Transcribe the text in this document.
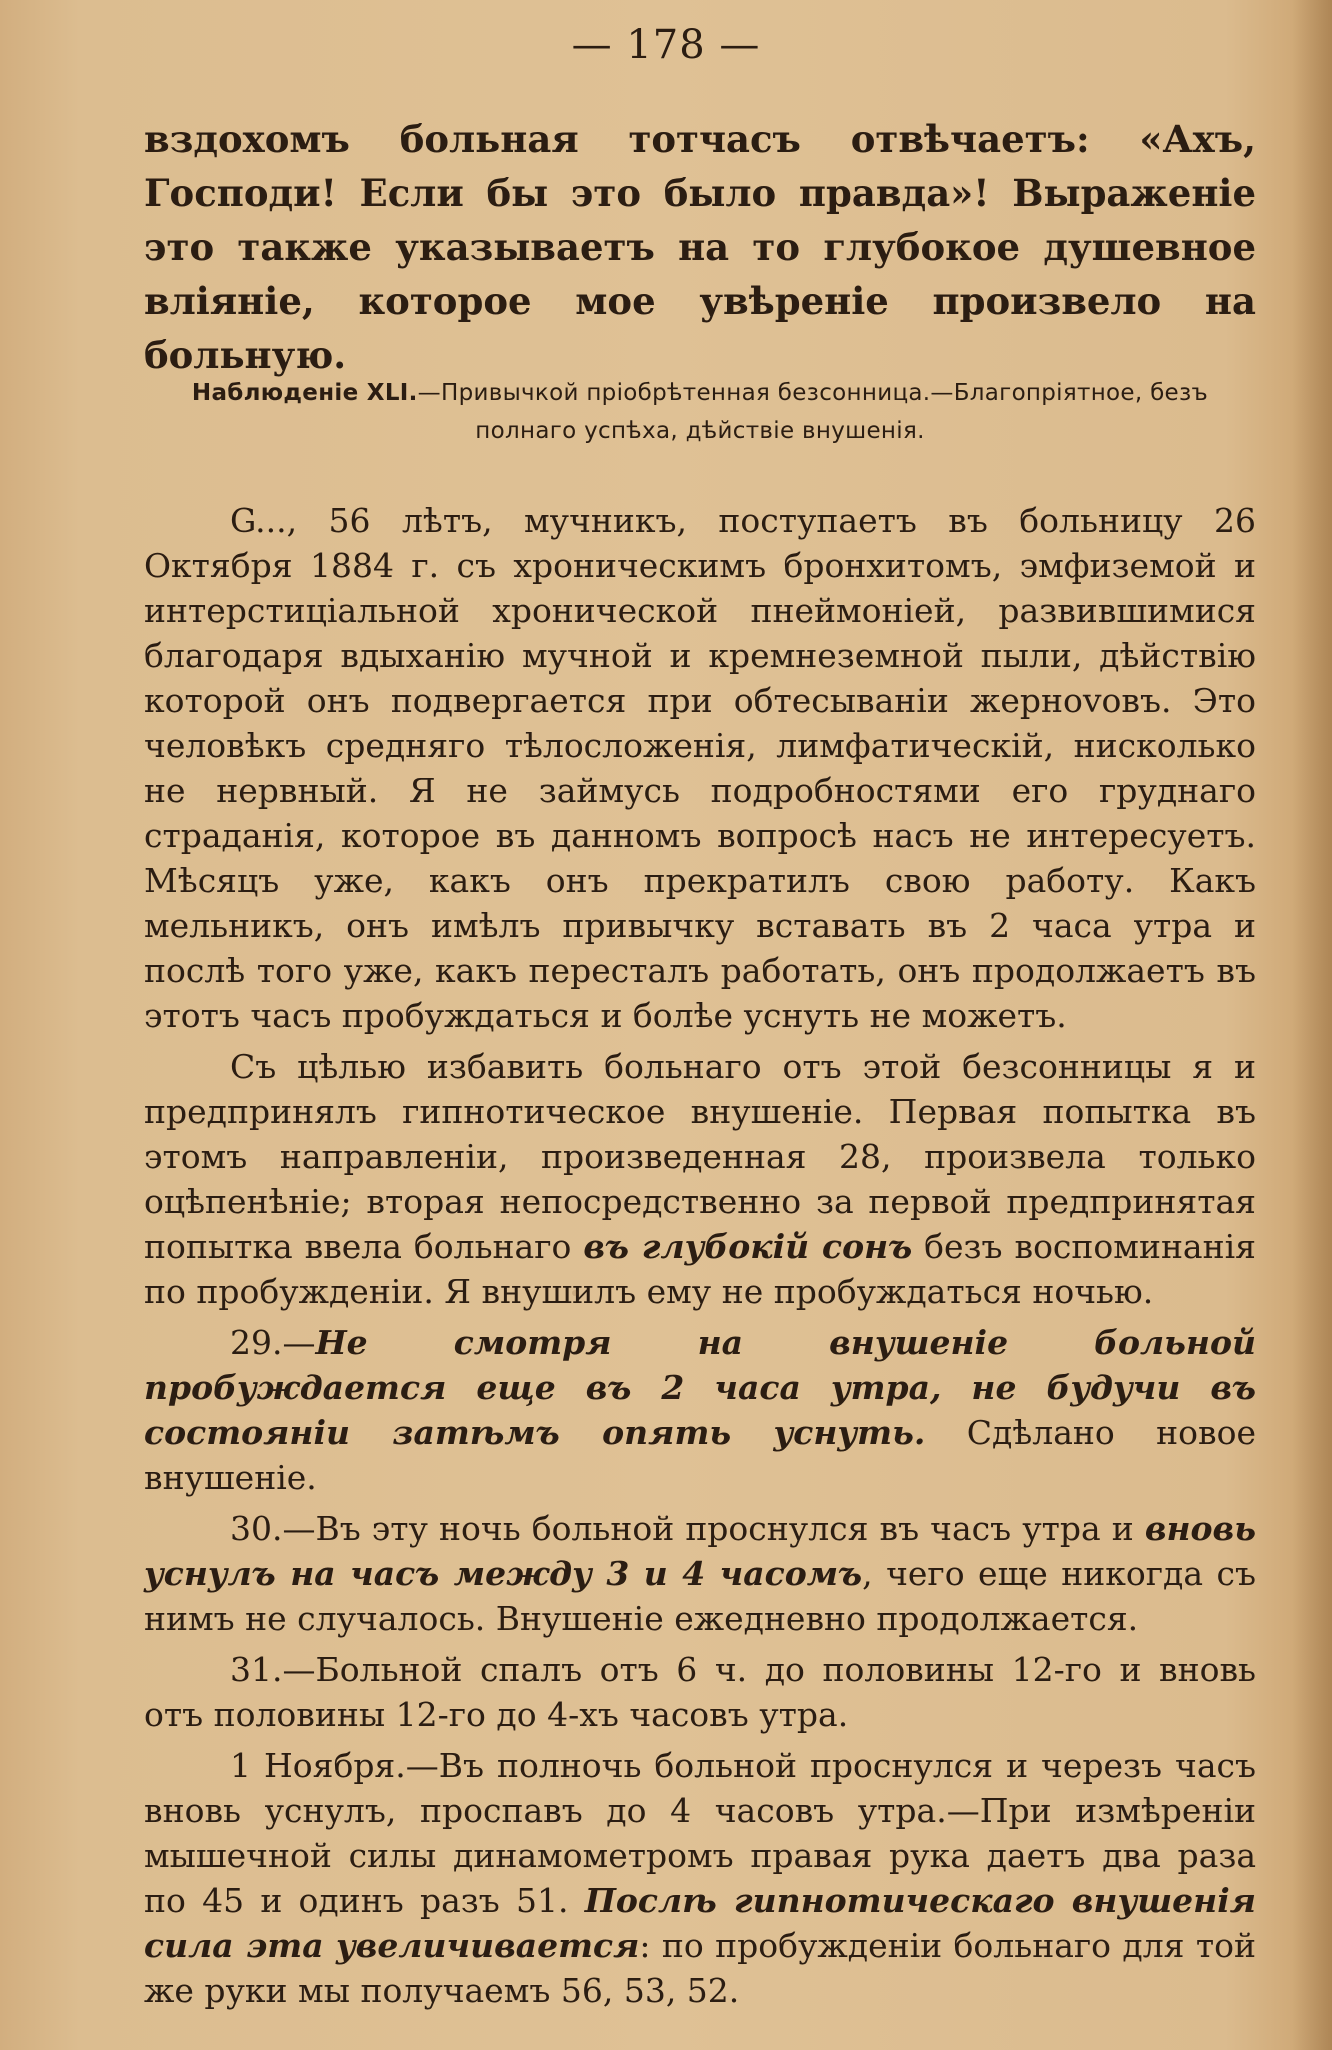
— 178 —

вздохомъ больная тотчасъ отвѣчаетъ: «Ахъ, Господи! Если бы это было правда»! Выраженіе это также указываетъ на то глубокое душевное вліяніе, которое мое увѣреніе произвело на больную.

Наблюденіе XLI.—Привычкой пріобрѣтенная безсонница.—Благопріятное, безъ полнаго успѣха, дѣйствіе внушенія.

G..., 56 лѣтъ, мучникъ, поступаетъ въ больницу 26 Октября 1884 г. съ хроническимъ бронхитомъ, эмфиземой и интерстиціальной хронической пнеймоніей, развившимися благодаря вдыханію мучной и кремнеземной пыли, дѣйствію которой онъ подвергается при обтесываніи жерноvовъ. Это человѣкъ средняго тѣлосложенія, лимфатическій, нисколько не нервный. Я не займусь подробностями его груднаго страданія, которое въ данномъ вопросѣ насъ не интересуетъ. Мѣсяцъ уже, какъ онъ прекратилъ свою работу. Какъ мельникъ, онъ имѣлъ привычку вставать въ 2 часа утра и послѣ того уже, какъ пересталъ работать, онъ продолжаетъ въ этотъ часъ пробуждаться и болѣе уснуть не можетъ.

Съ цѣлью избавить больнаго отъ этой безсонницы я и предпринялъ гипнотическое внушеніе. Первая попытка въ этомъ направленіи, произведенная 28, произвела только оцѣпенѣніе; вторая непосредственно за первой предпринятая попытка ввела больнаго въ глубокій сонъ безъ воспоминанія по пробужденіи. Я внушилъ ему не пробуждаться ночью.

29.—Не смотря на внушеніе больной пробуждается еще въ 2 часа утра, не будучи въ состояніи затѣмъ опять уснуть. Сдѣлано новое внушеніе.

30.—Въ эту ночь больной проснулся въ часъ утра и вновь уснулъ на часъ между 3 и 4 часомъ, чего еще никогда съ нимъ не случалось. Внушеніе ежедневно продолжается.

31.—Больной спалъ отъ 6 ч. до половины 12-го и вновь отъ половины 12-го до 4-хъ часовъ утра.

1 Ноября.—Въ полночь больной проснулся и черезъ часъ вновь уснулъ, проспавъ до 4 часовъ утра.—При измѣреніи мышечной силы динамометромъ правая рука даетъ два раза по 45 и одинъ разъ 51. Послѣ гипнотическаго внушенія сила эта увеличивается: по пробужденіи больнаго для той же руки мы получаемъ 56, 53, 52.
